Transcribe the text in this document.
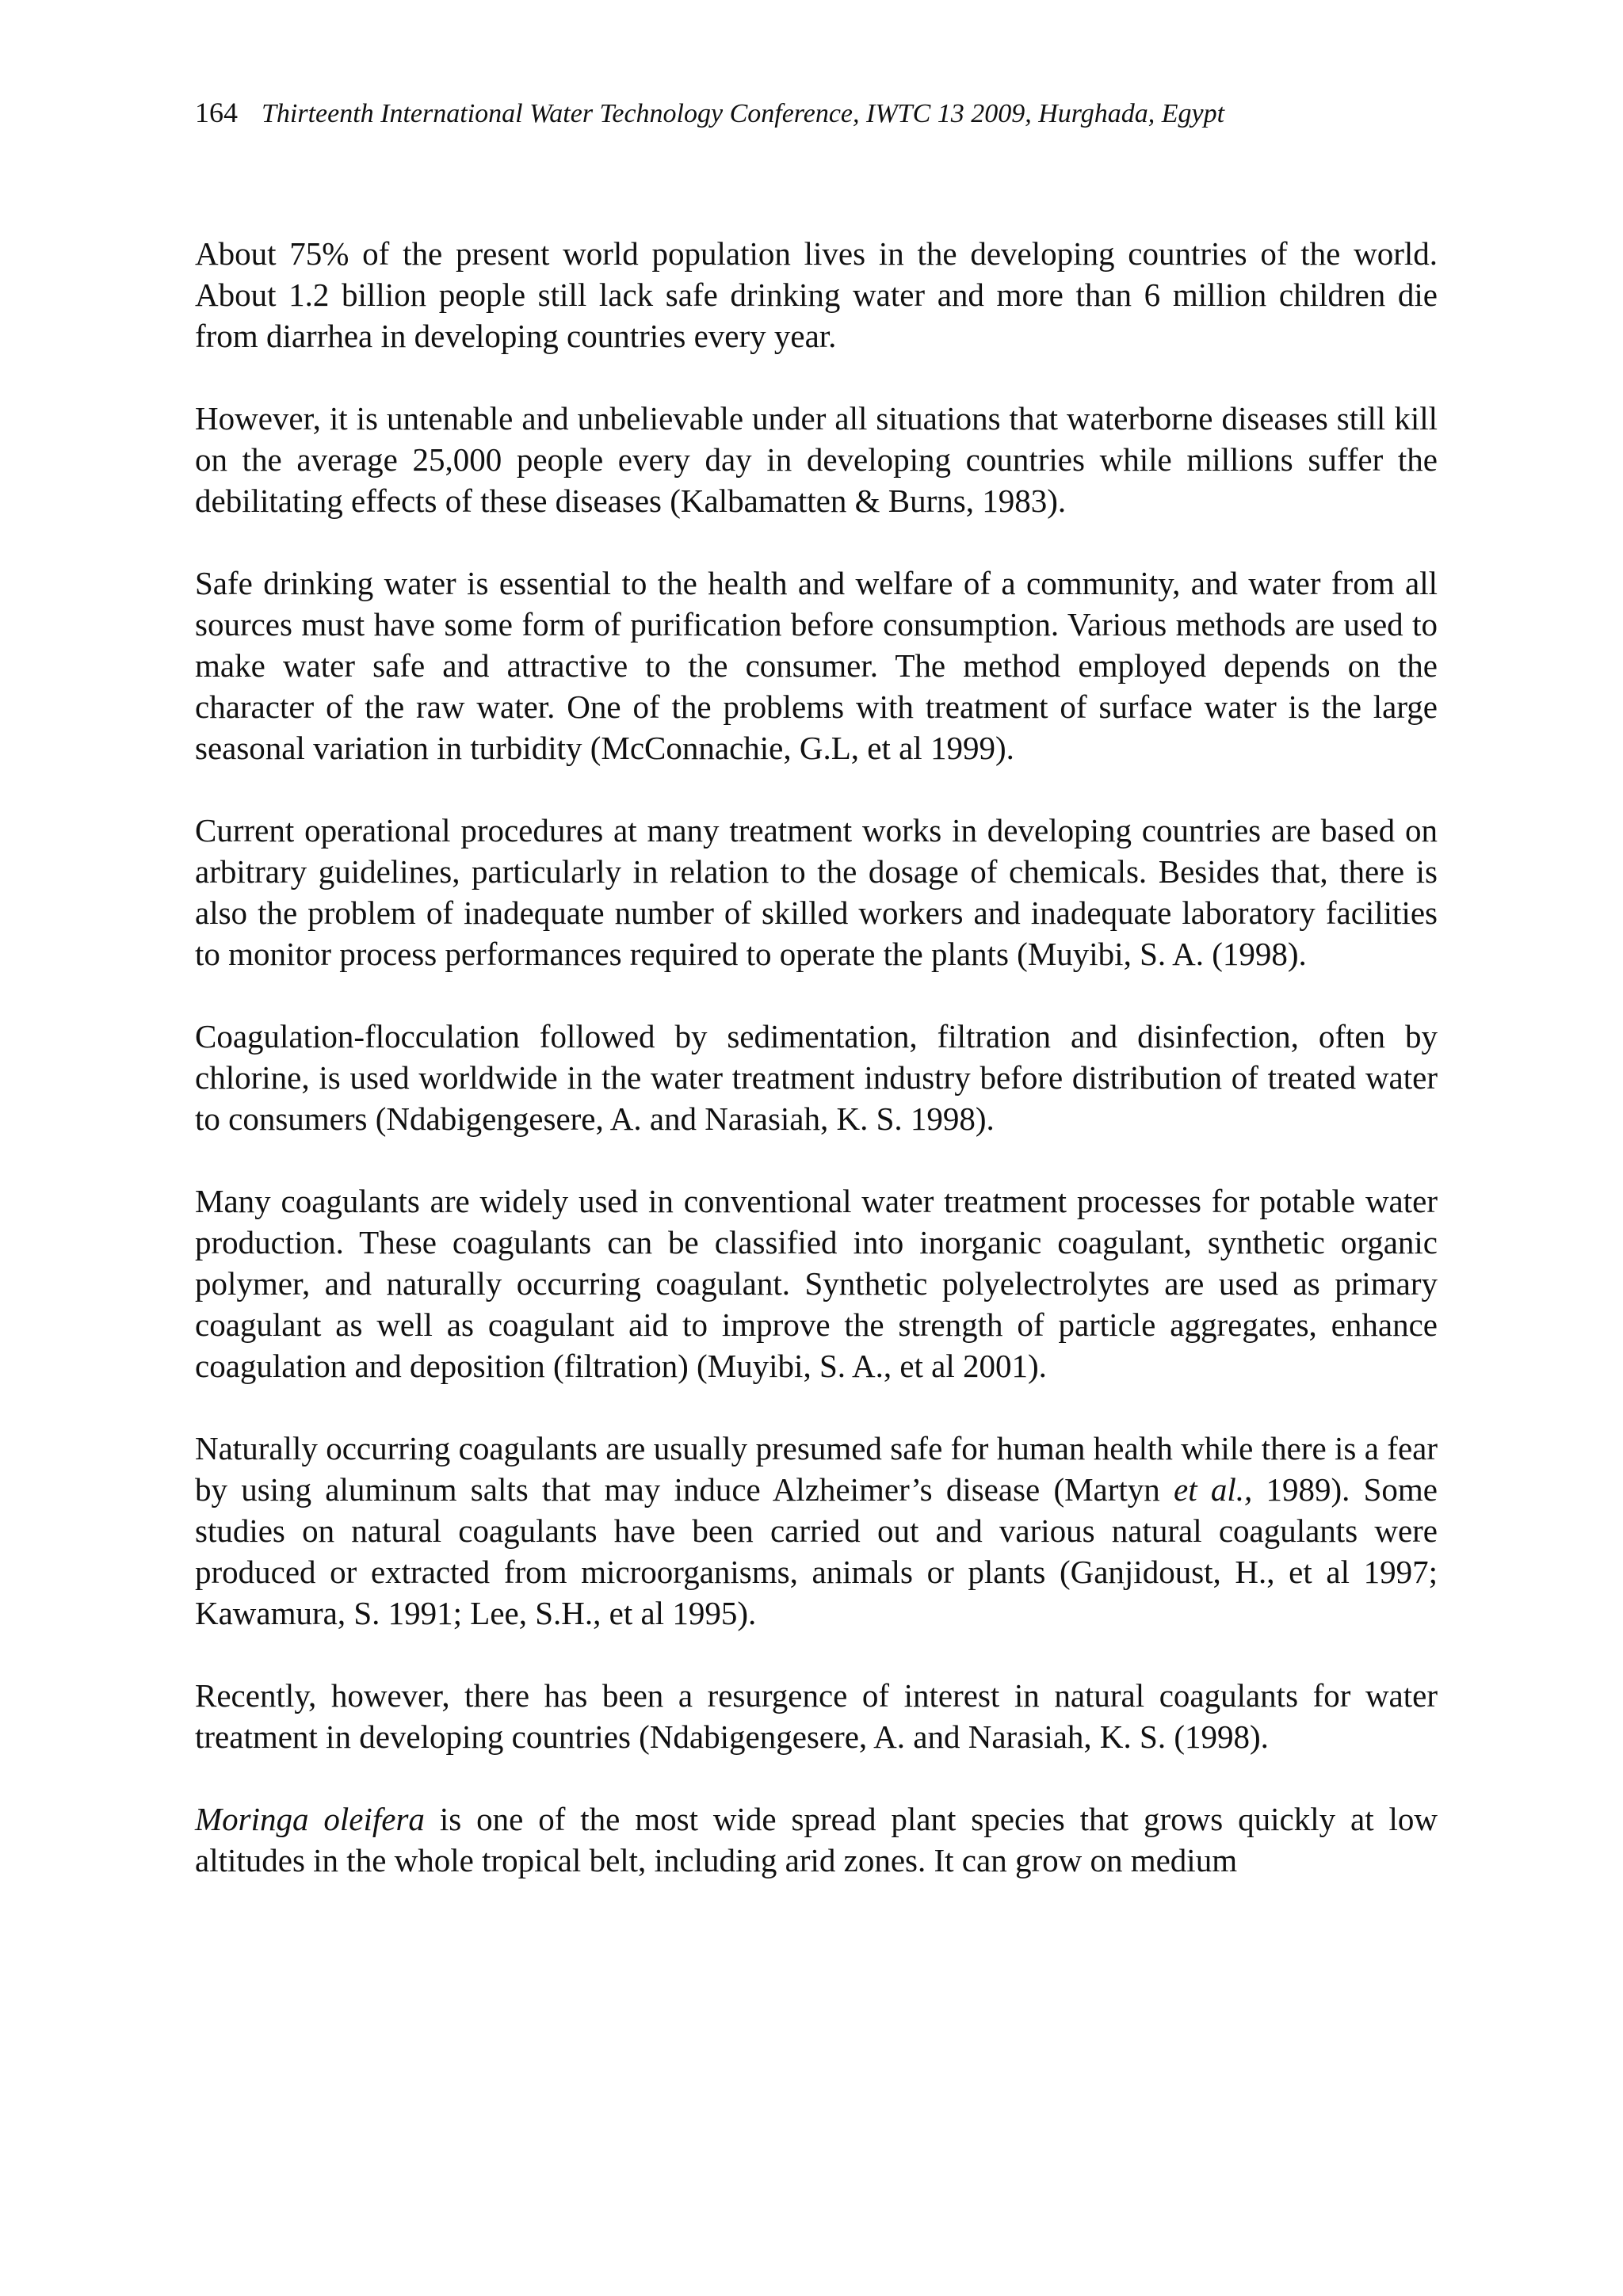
164 Thirteenth International Water Technology Conference, IWTC 13 2009, Hurghada, Egypt

About 75% of the present world population lives in the developing countries of the world. About 1.2 billion people still lack safe drinking water and more than 6 million children die from diarrhea in developing countries every year.

However, it is untenable and unbelievable under all situations that waterborne diseases still kill on the average 25,000 people every day in developing countries while millions suffer the debilitating effects of these diseases (Kalbamatten & Burns, 1983).

Safe drinking water is essential to the health and welfare of a community, and water from all sources must have some form of purification before consumption. Various methods are used to make water safe and attractive to the consumer. The method employed depends on the character of the raw water. One of the problems with treatment of surface water is the large seasonal variation in turbidity (McConnachie, G.L, et al 1999).

Current operational procedures at many treatment works in developing countries are based on arbitrary guidelines, particularly in relation to the dosage of chemicals. Besides that, there is also the problem of inadequate number of skilled workers and inadequate laboratory facilities to monitor process performances required to operate the plants (Muyibi, S. A. (1998).

Coagulation-flocculation followed by sedimentation, filtration and disinfection, often by chlorine, is used worldwide in the water treatment industry before distribution of treated water to consumers (Ndabigengesere, A. and Narasiah, K. S. 1998).

Many coagulants are widely used in conventional water treatment processes for potable water production. These coagulants can be classified into inorganic coagulant, synthetic organic polymer, and naturally occurring coagulant. Synthetic polyelectrolytes are used as primary coagulant as well as coagulant aid to improve the strength of particle aggregates, enhance coagulation and deposition (filtration) (Muyibi, S. A., et al 2001).

Naturally occurring coagulants are usually presumed safe for human health while there is a fear by using aluminum salts that may induce Alzheimer’s disease (Martyn et al., 1989). Some studies on natural coagulants have been carried out and various natural coagulants were produced or extracted from microorganisms, animals or plants (Ganjidoust, H., et al 1997; Kawamura, S. 1991; Lee, S.H., et al 1995).

Recently, however, there has been a resurgence of interest in natural coagulants for water treatment in developing countries (Ndabigengesere, A. and Narasiah, K. S. (1998).

Moringa oleifera is one of the most wide spread plant species that grows quickly at low altitudes in the whole tropical belt, including arid zones. It can grow on medium
